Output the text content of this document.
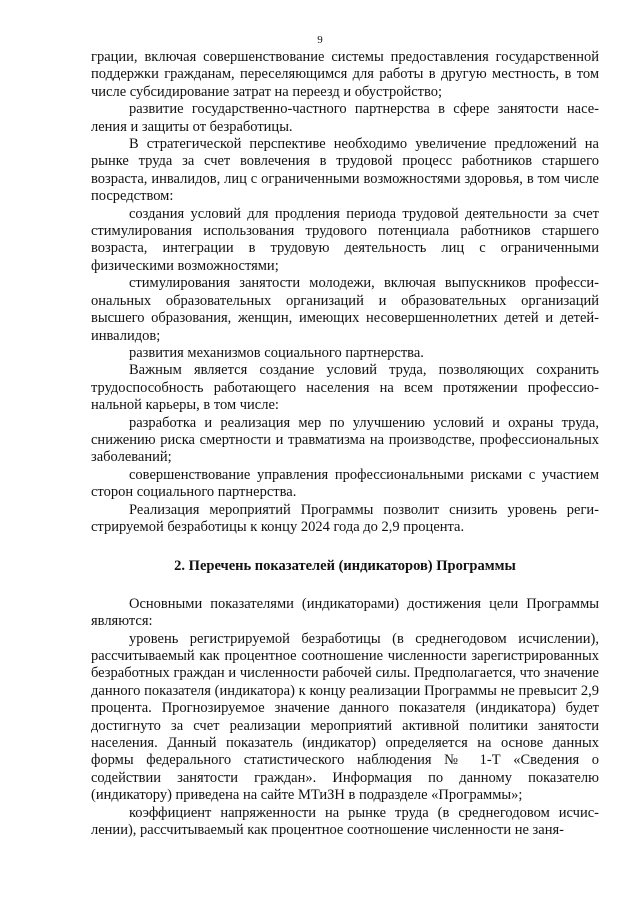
9

грации, включая совершенствование системы предоставления государственной поддержки гражданам, переселяющимся для работы в другую местность, в том числе субсидирование затрат на переезд и обустройство;

развитие государственно-частного партнерства в сфере занятости населения и защиты от безработицы.

В стратегической перспективе необходимо увеличение предложений на рынке труда за счет вовлечения в трудовой процесс работников старшего возраста, инвалидов, лиц с ограниченными возможностями здоровья, в том числе посредством:

создания условий для продления периода трудовой деятельности за счет стимулирования использования трудового потенциала работников старшего возраста, интеграции в трудовую деятельность лиц с ограниченными физическими возможностями;

стимулирования занятости молодежи, включая выпускников профессиональных образовательных организаций и образовательных организаций высшего образования, женщин, имеющих несовершеннолетних детей и детей-инвалидов;

развития механизмов социального партнерства.

Важным является создание условий труда, позволяющих сохранить трудоспособность работающего населения на всем протяжении профессиональной карьеры, в том числе:

разработка и реализация мер по улучшению условий и охраны труда, снижению риска смертности и травматизма на производстве, профессиональных заболеваний;

совершенствование управления профессиональными рисками с участием сторон социального партнерства.

Реализация мероприятий Программы позволит снизить уровень регистрируемой безработицы к концу 2024 года до 2,9 процента.

2. Перечень показателей (индикаторов) Программы

Основными показателями (индикаторами) достижения цели Программы являются:

уровень регистрируемой безработицы (в среднегодовом исчислении), рассчитываемый как процентное соотношение численности зарегистрированных безработных граждан и численности рабочей силы. Предполагается, что значение данного показателя (индикатора) к концу реализации Программы не превысит 2,9 процента. Прогнозируемое значение данного показателя (индикатора) будет достигнуто за счет реализации мероприятий активной политики занятости населения. Данный показатель (индикатор) определяется на основе данных формы федерального статистического наблюдения № 1-Т «Сведения о содействии занятости граждан». Информация по данному показателю (индикатору) приведена на сайте МТиЗН в подразделе «Программы»;

коэффициент напряженности на рынке труда (в среднегодовом исчислении), рассчитываемый как процентное соотношение численности не заня-
